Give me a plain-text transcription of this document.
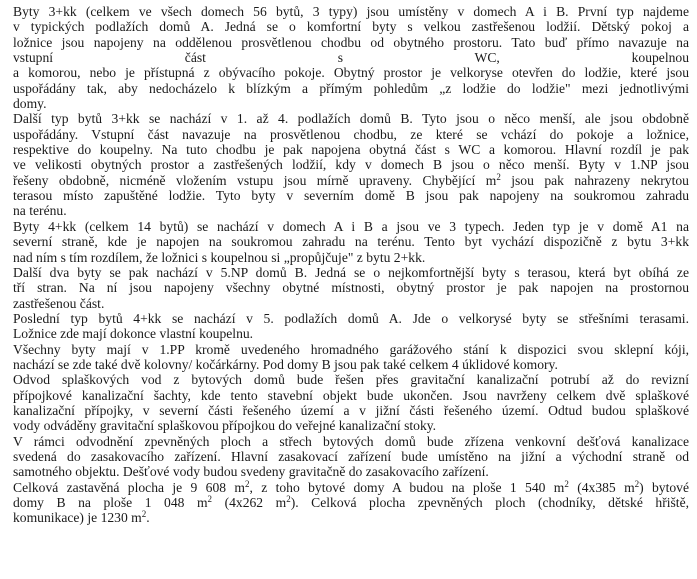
Byty 3+kk (celkem ve všech domech 56 bytů, 3 typy) jsou umístěny v domech A i B. První typ najdeme
v typických podlažích domů A. Jedná se o komfortní byty s velkou zastřešenou lodžií. Dětský pokoj a
ložnice jsou napojeny na oddělenou prosvětlenou chodbu od obytného prostoru. Tato buď přímo navazuje na
vstupní část s WC, koupelnou
a komorou, nebo je přístupná z obývacího pokoje. Obytný prostor je velkoryse otevřen do lodžie, které jsou
uspořádány tak, aby nedocházelo k blízkým a přímým pohledům „z lodžie do lodžie" mezi jednotlivými
domy.

Další typ bytů 3+kk se nachází v 1. až 4. podlažích domů B. Tyto jsou o něco menší, ale jsou obdobně
uspořádány. Vstupní část navazuje na prosvětlenou chodbu, ze které se vchází do pokoje a ložnice,
respektive do koupelny. Na tuto chodbu je pak napojena obytná část s WC a komorou. Hlavní rozdíl je pak
ve velikosti obytných prostor a zastřešených lodžií, kdy v domech B jsou o něco menší. Byty v 1.NP jsou
řešeny obdobně, nicméně vložením vstupu jsou mírně upraveny. Chybějící $m^2$ jsou pak nahrazeny nekrytou
terasou místo zapuštěné lodžie. Tyto byty v severním domě B jsou pak napojeny na soukromou zahradu
na terénu.

Byty 4+kk (celkem 14 bytů) se nachází v domech A i B a jsou ve 3 typech. Jeden typ je v domě A1 na
severní straně, kde je napojen na soukromou zahradu na terénu. Tento byt vychází dispozičně z bytu 3+kk
nad ním s tím rozdílem, že ložnici s koupelnou si „propůjčuje" z bytu 2+kk.

Další dva byty se pak nachází v 5.NP domů B. Jedná se o nejkomfortnější byty s terasou, která byt obíhá ze
tří stran. Na ní jsou napojeny všechny obytné místnosti, obytný prostor je pak napojen na prostornou
zastřešenou část.

Poslední typ bytů 4+kk se nachází v 5. podlažích domů A. Jde o velkorysé byty se střešními terasami.
Ložnice zde mají dokonce vlastní koupelnu.

Všechny byty mají v 1.PP kromě uvedeného hromadného garážového stání k dispozici svou sklepní kóji,
nachází se zde také dvě kolovny/ kočárkárny. Pod domy B jsou pak také celkem 4 úklidové komory.

Odvod splaškových vod z bytových domů bude řešen přes gravitační kanalizační potrubí až do revizní
přípojkové kanalizační šachty, kde tento stavební objekt bude ukončen. Jsou navrženy celkem dvě splaškové
kanalizační přípojky, v severní části řešeného území a v jižní části řešeného území. Odtud budou splaškové
vody odváděny gravitační splaškovou přípojkou do veřejné kanalizační stoky.

V rámci odvodnění zpevněných ploch a střech bytových domů bude zřízena venkovní dešťová kanalizace
svedená do zasakovacího zařízení. Hlavní zasakovací zařízení bude umístěno na jižní a východní straně od
samotného objektu. Dešťové vody budou svedeny gravitačně do zasakovacího zařízení.

Celková zastavěná plocha je 9 608 $m^2$, z toho bytové domy A budou na ploše 1 540 $m^2$ (4x385 $m^2$) bytové
domy B na ploše 1 048 $m^2$ (4x262 $m^2$). Celková plocha zpevněných ploch (chodníky, dětské hřiště,
komunikace) je 1230 $m^2$.
